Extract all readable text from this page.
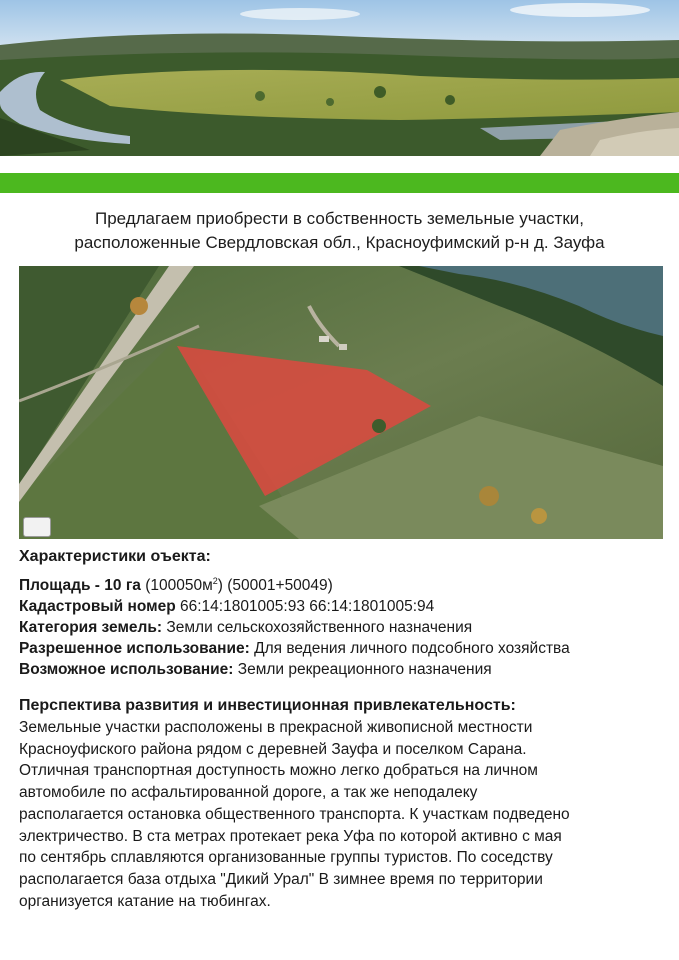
Предлагаем приобрести в собственность земельные участки,
расположенные Свердловская обл., Красноуфимский р-н д. Зауфа
Характеристики оъекта:
Площадь - 10 га $(100050м^2)$ (50001+50049)
Кадастровый номер 66:14:1801005:93 66:14:1801005:94
Категория земель: Земли сельскохозяйственного назначения
Разрешенное использование: Для ведения личного подсобного хозяйства
Возможное использование: Земли рекреационного назначения
Перспектива развития и инвестиционная привлекательность:
Земельные участки расположены в прекрасной живописной местности
Красноуфиского района рядом с деревней Зауфа и поселком Сарана.
Отличная транспортная доступность можно легко добраться на личном
автомобиле по асфальтированной дороге, а так же неподалеку
располагается остановка общественного транспорта. К участкам подведено
электричество. В ста метрах протекает река Уфа по которой активно с мая
по сентябрь сплавляются организованные группы туристов. По соседству
располагается база отдыха "Дикий Урал" В зимнее время по территории
организуется катание на тюбингах.
